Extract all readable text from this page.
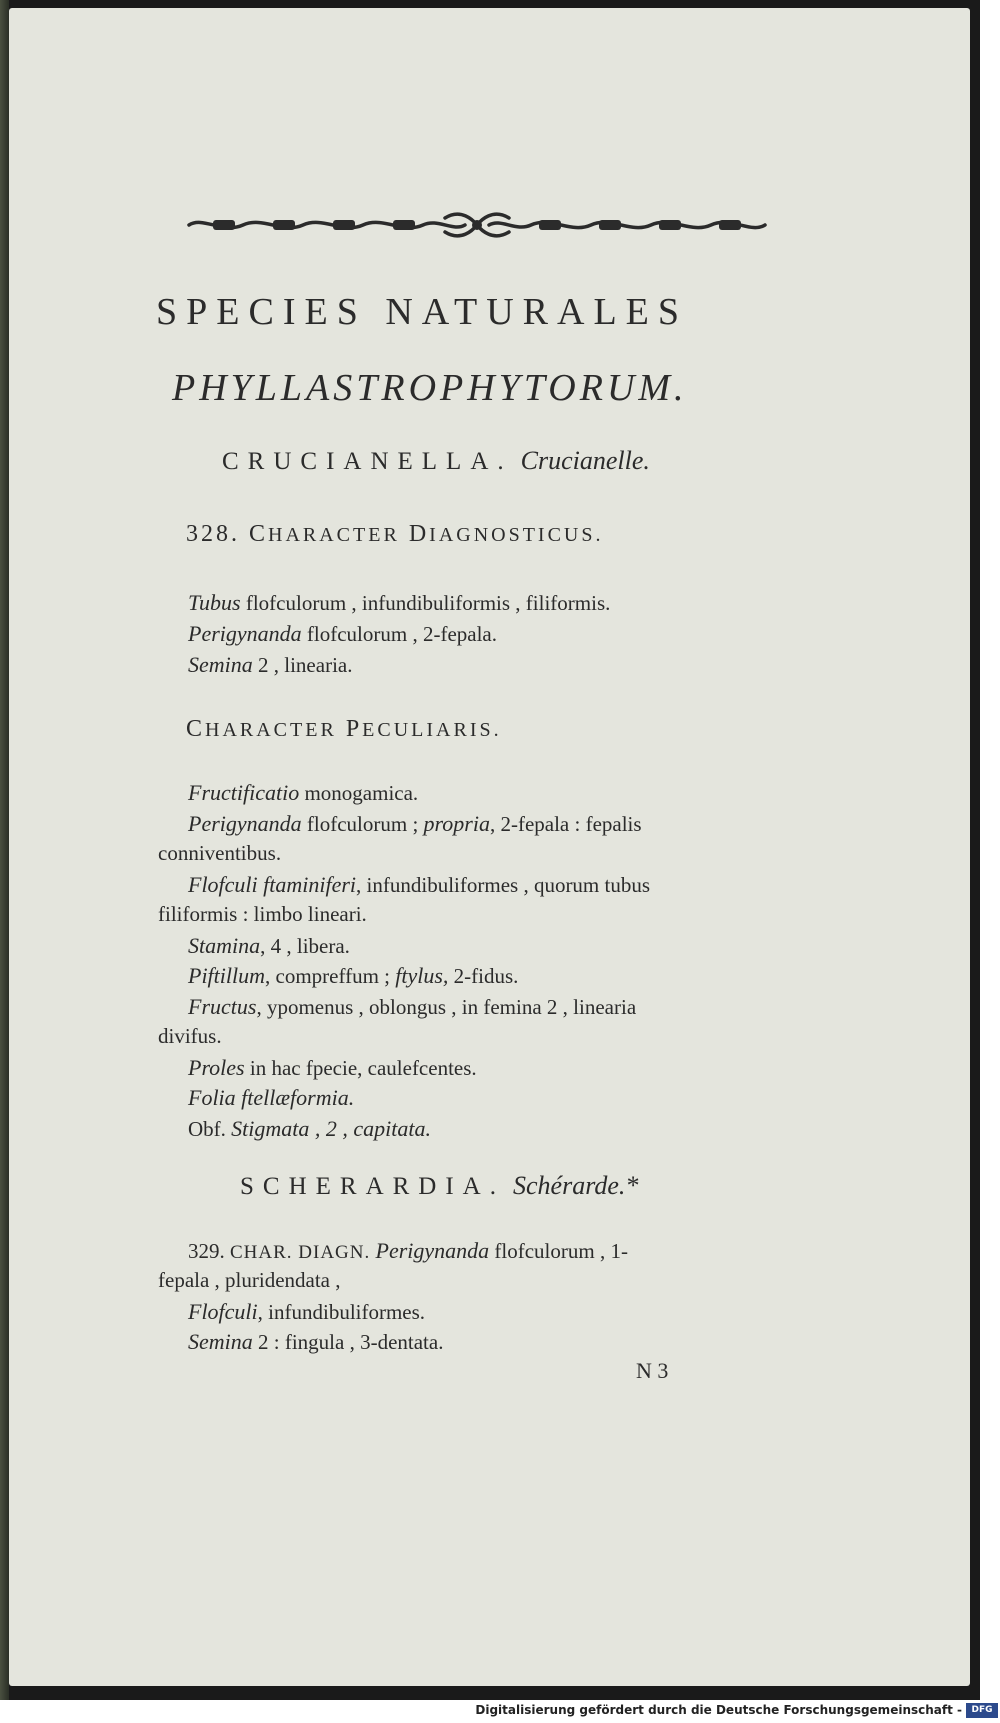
SPECIES NATURALES
PHYLLASTROPHYTORUM.
CRUCIANELLA. Crucianelle.
328. CHARACTER DIAGNOSTICUS.
Tubus flofculorum , infundibuliformis , filiformis.
Perigynanda flofculorum , 2-fepala.
Semina 2 , linearia.
CHARACTER PECULIARIS.
Fructificatio monogamica.
Perigynanda flofculorum ; propria, 2-fepala : fepalis
conniventibus.
Flofculi ftaminiferi, infundibuliformes , quorum tubus
filiformis : limbo lineari.
Stamina, 4 , libera.
Piftillum, compreffum ; ftylus, 2-fidus.
Fructus, ypomenus , oblongus , in femina 2 , linearia
divifus.
Proles in hac fpecie, caulefcentes.
Folia ftellæformia.
Obf. Stigmata , 2 , capitata.
SCHERARDIA. Schérarde.*
329. CHAR. DIAGN. Perigynanda flofculorum , 1-
fepala , pluridendata ,
Flofculi, infundibuliformes.
Semina 2 : fingula , 3-dentata.
N 3
Digitalisierung gefördert durch die Deutsche Forschungsgemeinschaft -	DFG
